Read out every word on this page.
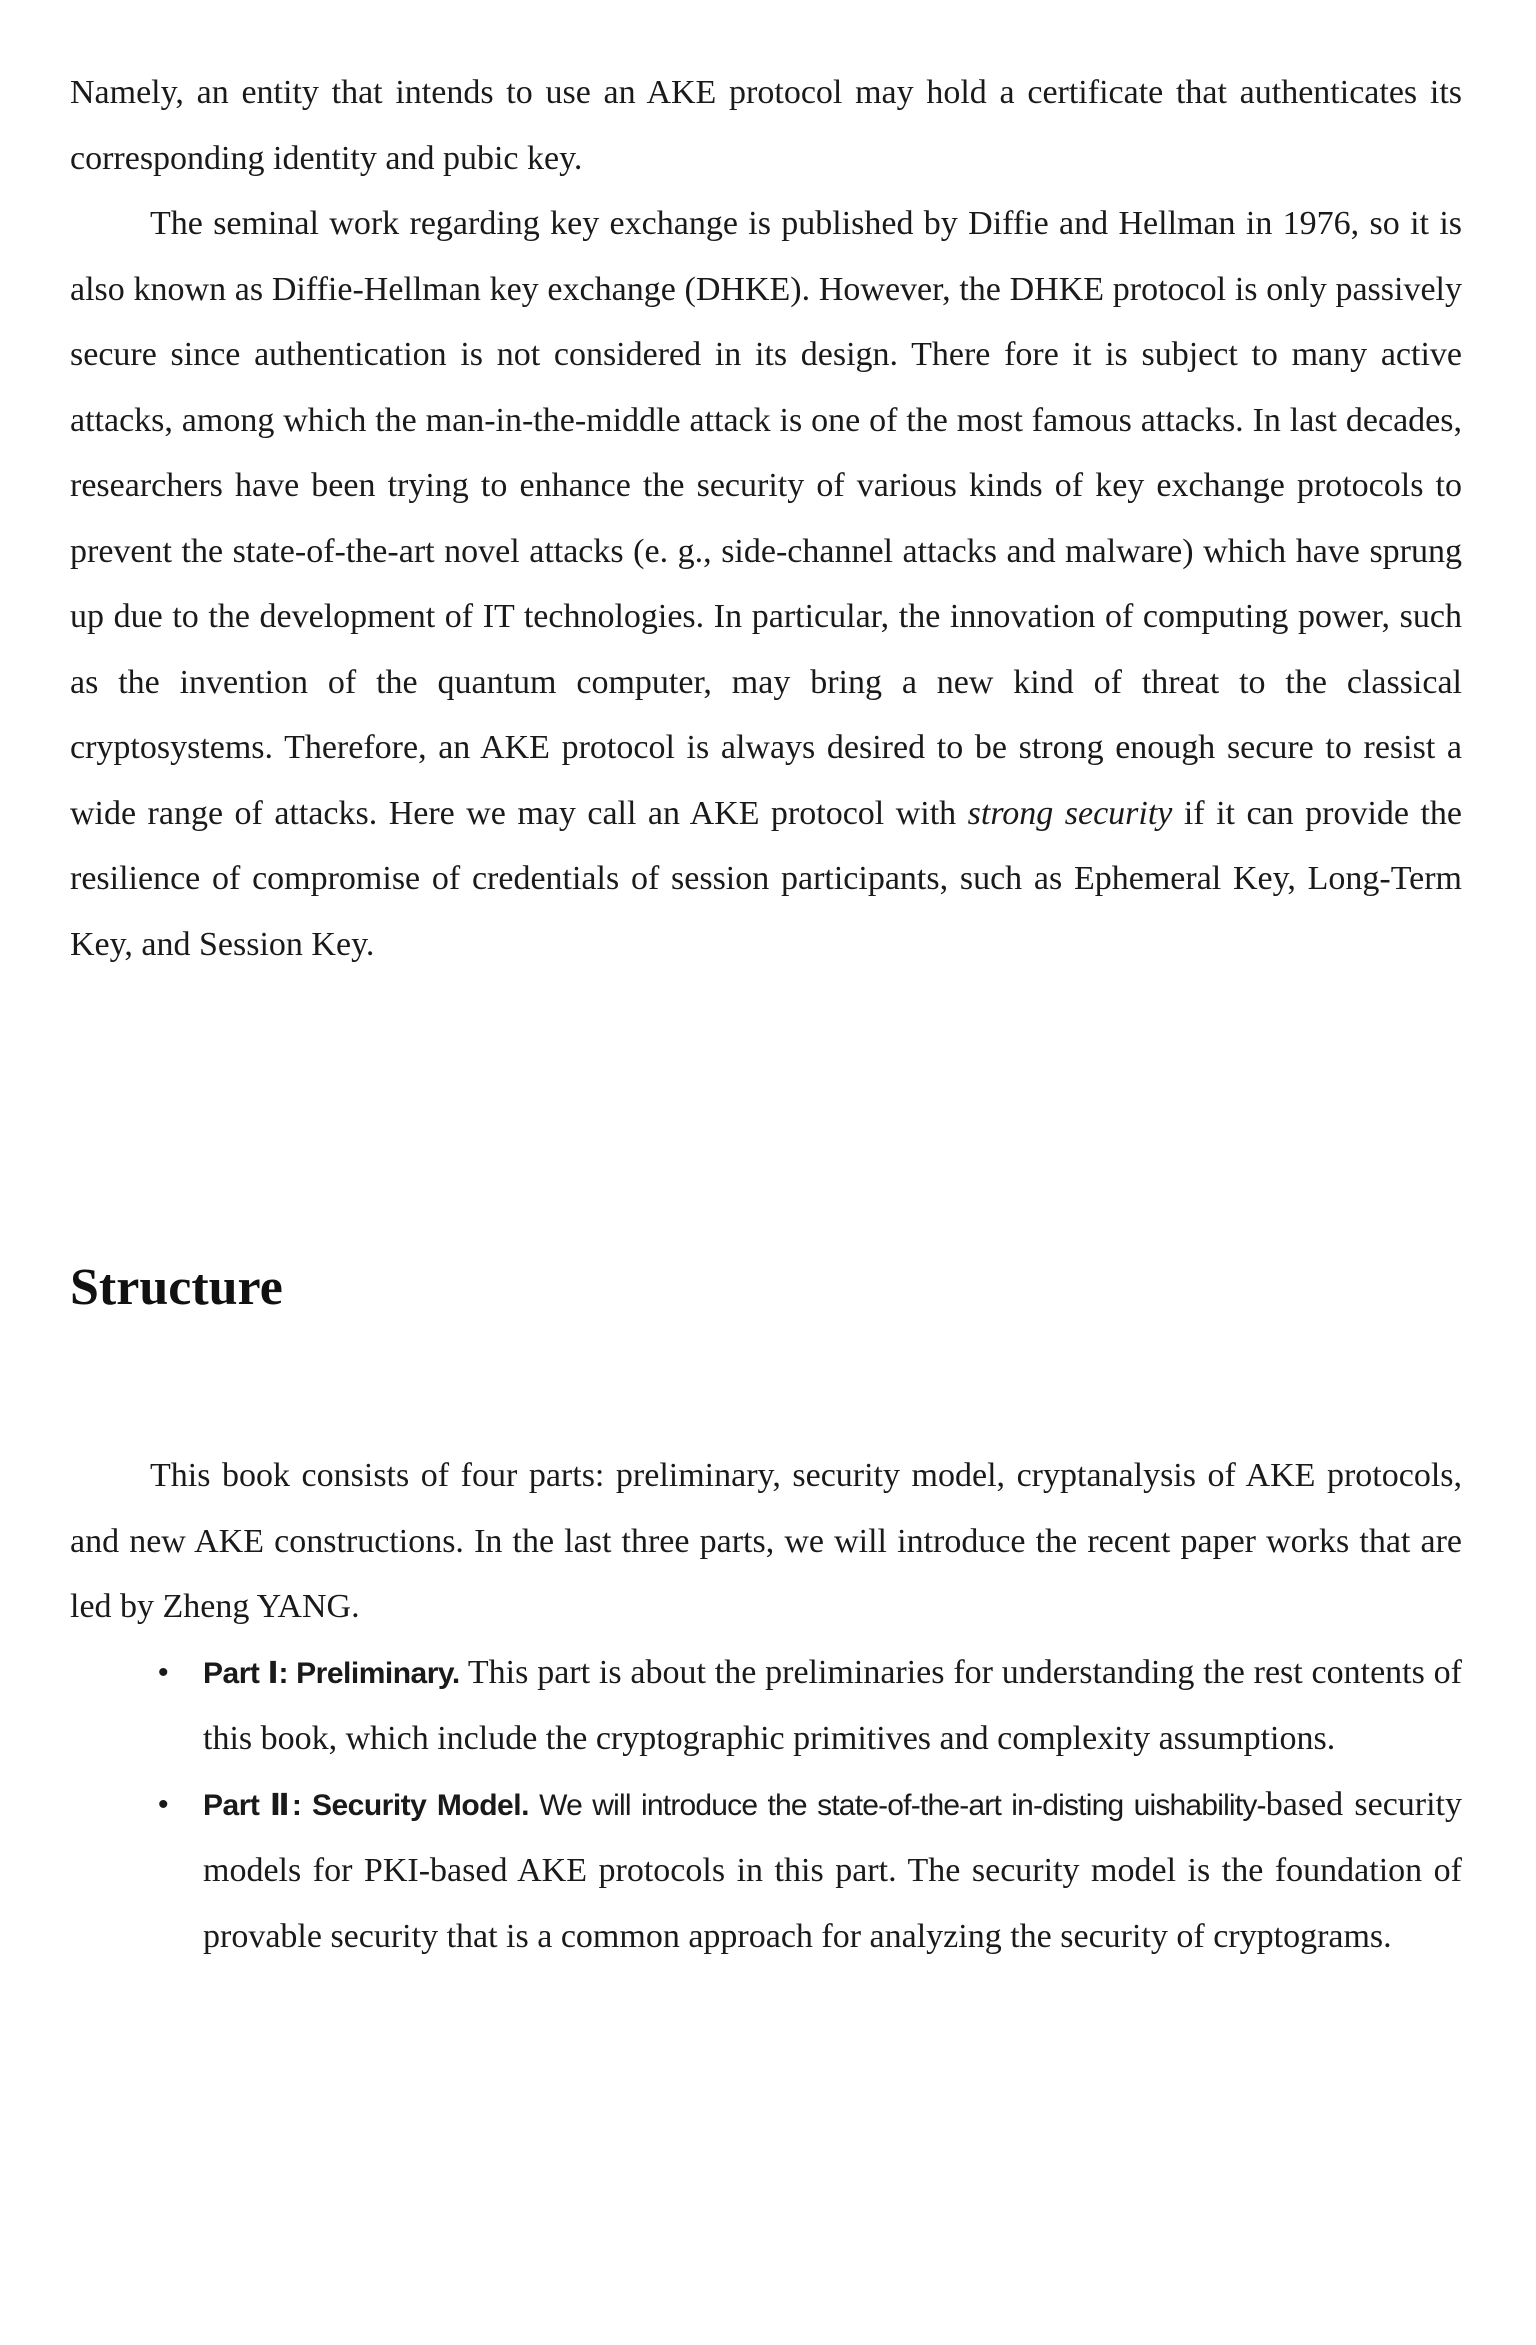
Namely, an entity that intends to use an AKE protocol may hold a certificate that authenticates its corresponding identity and pubic key.

The seminal work regarding key exchange is published by Diffie and Hellman in 1976, so it is also known as Diffie-Hellman key exchange (DHKE). However, the DHKE protocol is only passively secure since authentication is not considered in its design. There fore it is subject to many active attacks, among which the man-in-the-middle attack is one of the most famous attacks. In last decades, researchers have been trying to enhance the security of various kinds of key exchange protocols to prevent the state-of-the-art novel attacks (e. g., side-channel attacks and malware) which have sprung up due to the development of IT technologies. In particular, the innovation of computing power, such as the invention of the quantum computer, may bring a new kind of threat to the classical cryptosystems. Therefore, an AKE protocol is always desired to be strong enough secure to resist a wide range of attacks. Here we may call an AKE protocol with strong security if it can provide the resilience of compromise of credentials of session participants, such as Ephemeral Key, Long-Term Key, and Session Key.

Structure

This book consists of four parts: preliminary, security model, cryptanalysis of AKE protocols, and new AKE constructions. In the last three parts, we will introduce the recent paper works that are led by Zheng YANG.

• Part Ⅰ: Preliminary. This part is about the preliminaries for understanding the rest contents of this book, which include the cryptographic primitives and complexity assumptions.
• Part Ⅱ: Security Model. We will introduce the state-of-the-art in-disting uishability-based security models for PKI-based AKE protocols in this part. The security model is the foundation of provable security that is a common approach for analyzing the security of cryptograms.
